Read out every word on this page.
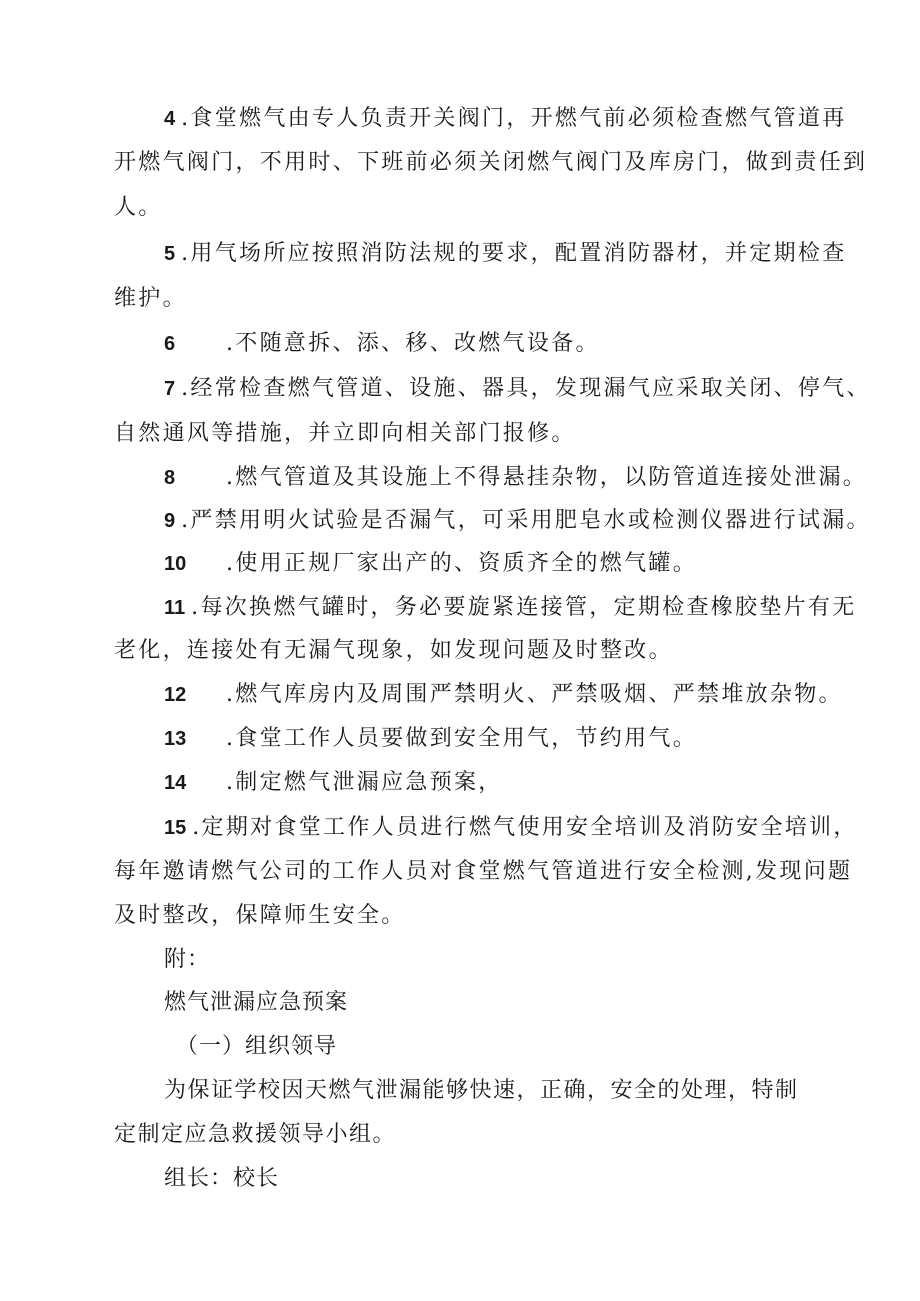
4 .食堂燃气由专人负责开关阀门，开燃气前必须检查燃气管道再
开燃气阀门，不用时、下班前必须关闭燃气阀门及库房门，做到责任到
人。
5 .用气场所应按照消防法规的要求，配置消防器材，并定期检查
维护。
6 .不随意拆、添、移、改燃气设备。
7 .经常检查燃气管道、设施、器具，发现漏气应采取关闭、停气、
自然通风等措施，并立即向相关部门报修。
8 .燃气管道及其设施上不得悬挂杂物，以防管道连接处泄漏。
9 .严禁用明火试验是否漏气，可采用肥皂水或检测仪器进行试漏。
10 .使用正规厂家出产的、资质齐全的燃气罐。
11 .每次换燃气罐时，务必要旋紧连接管，定期检查橡胶垫片有无
老化，连接处有无漏气现象，如发现问题及时整改。
12 .燃气库房内及周围严禁明火、严禁吸烟、严禁堆放杂物。
13 .食堂工作人员要做到安全用气，节约用气。
14 .制定燃气泄漏应急预案，
15 .定期对食堂工作人员进行燃气使用安全培训及消防安全培训，
每年邀请燃气公司的工作人员对食堂燃气管道进行安全检测,发现问题
及时整改，保障师生安全。
附：
燃气泄漏应急预案
（一）组织领导
为保证学校因天燃气泄漏能够快速，正确，安全的处理，特制
定制定应急救援领导小组。
组长：校长
